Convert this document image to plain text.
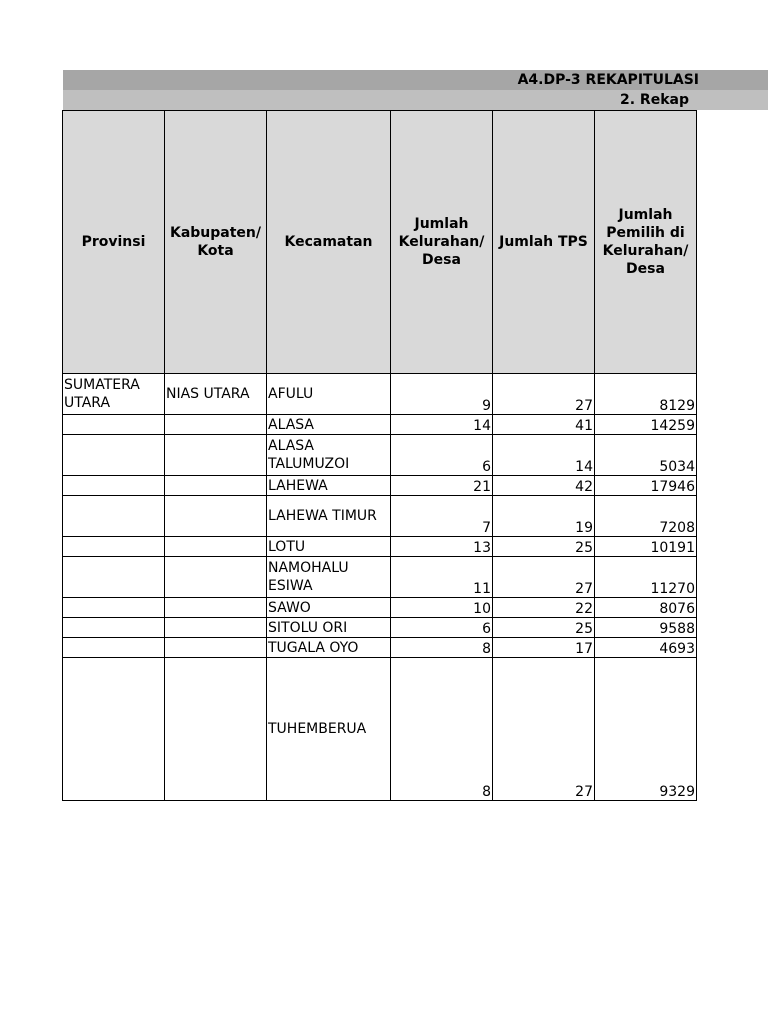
A4.DP-3 REKAPITULASI
2. Rekap
Provinsi	Kabupaten/ Kota	Kecamatan	Jumlah Kelurahan/ Desa	Jumlah TPS	Jumlah Pemilih di Kelurahan/ Desa
SUMATERA UTARA	NIAS UTARA	AFULU	9	27	8129
		ALASA	14	41	14259
		ALASA TALUMUZOI	6	14	5034
		LAHEWA	21	42	17946
		LAHEWA TIMUR	7	19	7208
		LOTU	13	25	10191
		NAMOHALU ESIWA	11	27	11270
		SAWO	10	22	8076
		SITOLU ORI	6	25	9588
		TUGALA OYO	8	17	4693
		TUHEMBERUA	8	27	9329
